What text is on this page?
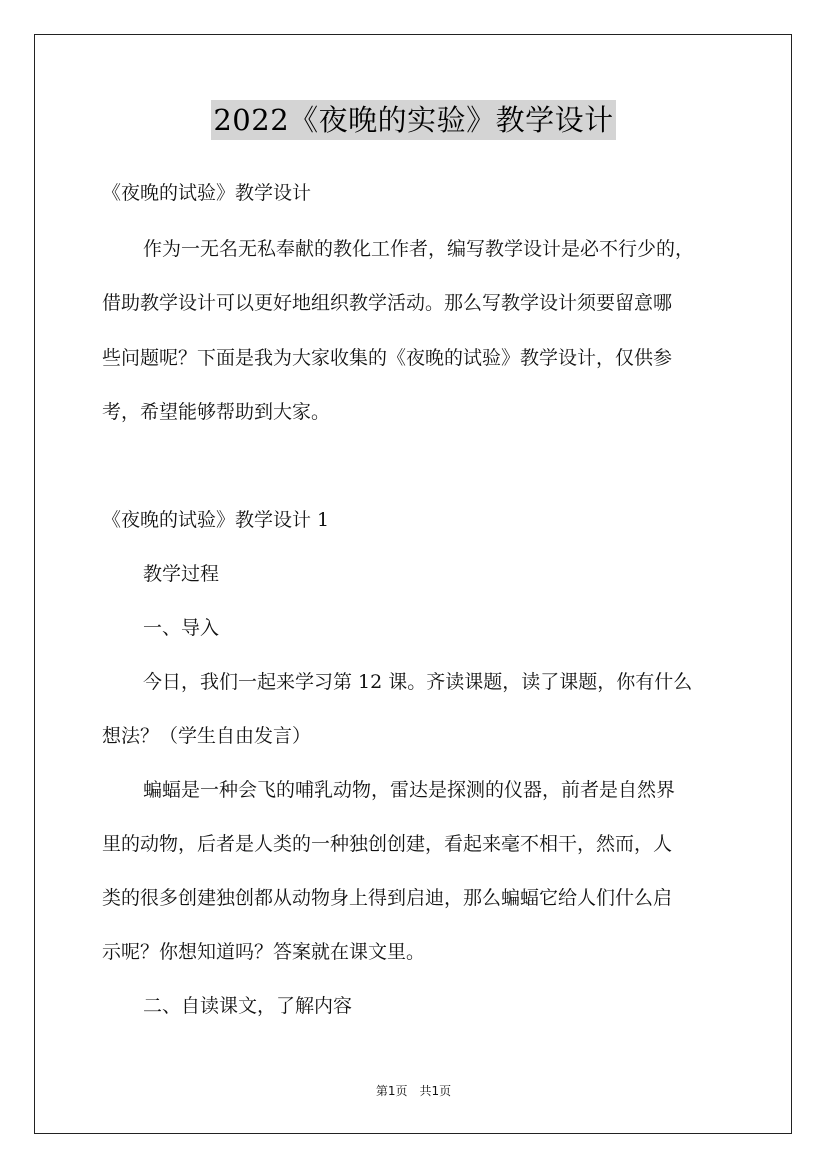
2022《夜晚的实验》教学设计
《夜晚的试验》教学设计
作为一无名无私奉献的教化工作者，编写教学设计是必不行少的，
借助教学设计可以更好地组织教学活动。那么写教学设计须要留意哪
些问题呢？下面是我为大家收集的《夜晚的试验》教学设计，仅供参
考，希望能够帮助到大家。
《夜晚的试验》教学设计 1
教学过程
一、导入
今日，我们一起来学习第 12 课。齐读课题，读了课题，你有什么
想法？（学生自由发言）
蝙蝠是一种会飞的哺乳动物，雷达是探测的仪器，前者是自然界
里的动物，后者是人类的一种独创创建，看起来毫不相干，然而，人
类的很多创建独创都从动物身上得到启迪，那么蝙蝠它给人们什么启
示呢？你想知道吗？答案就在课文里。
二、自读课文，了解内容
第1页 共1页
